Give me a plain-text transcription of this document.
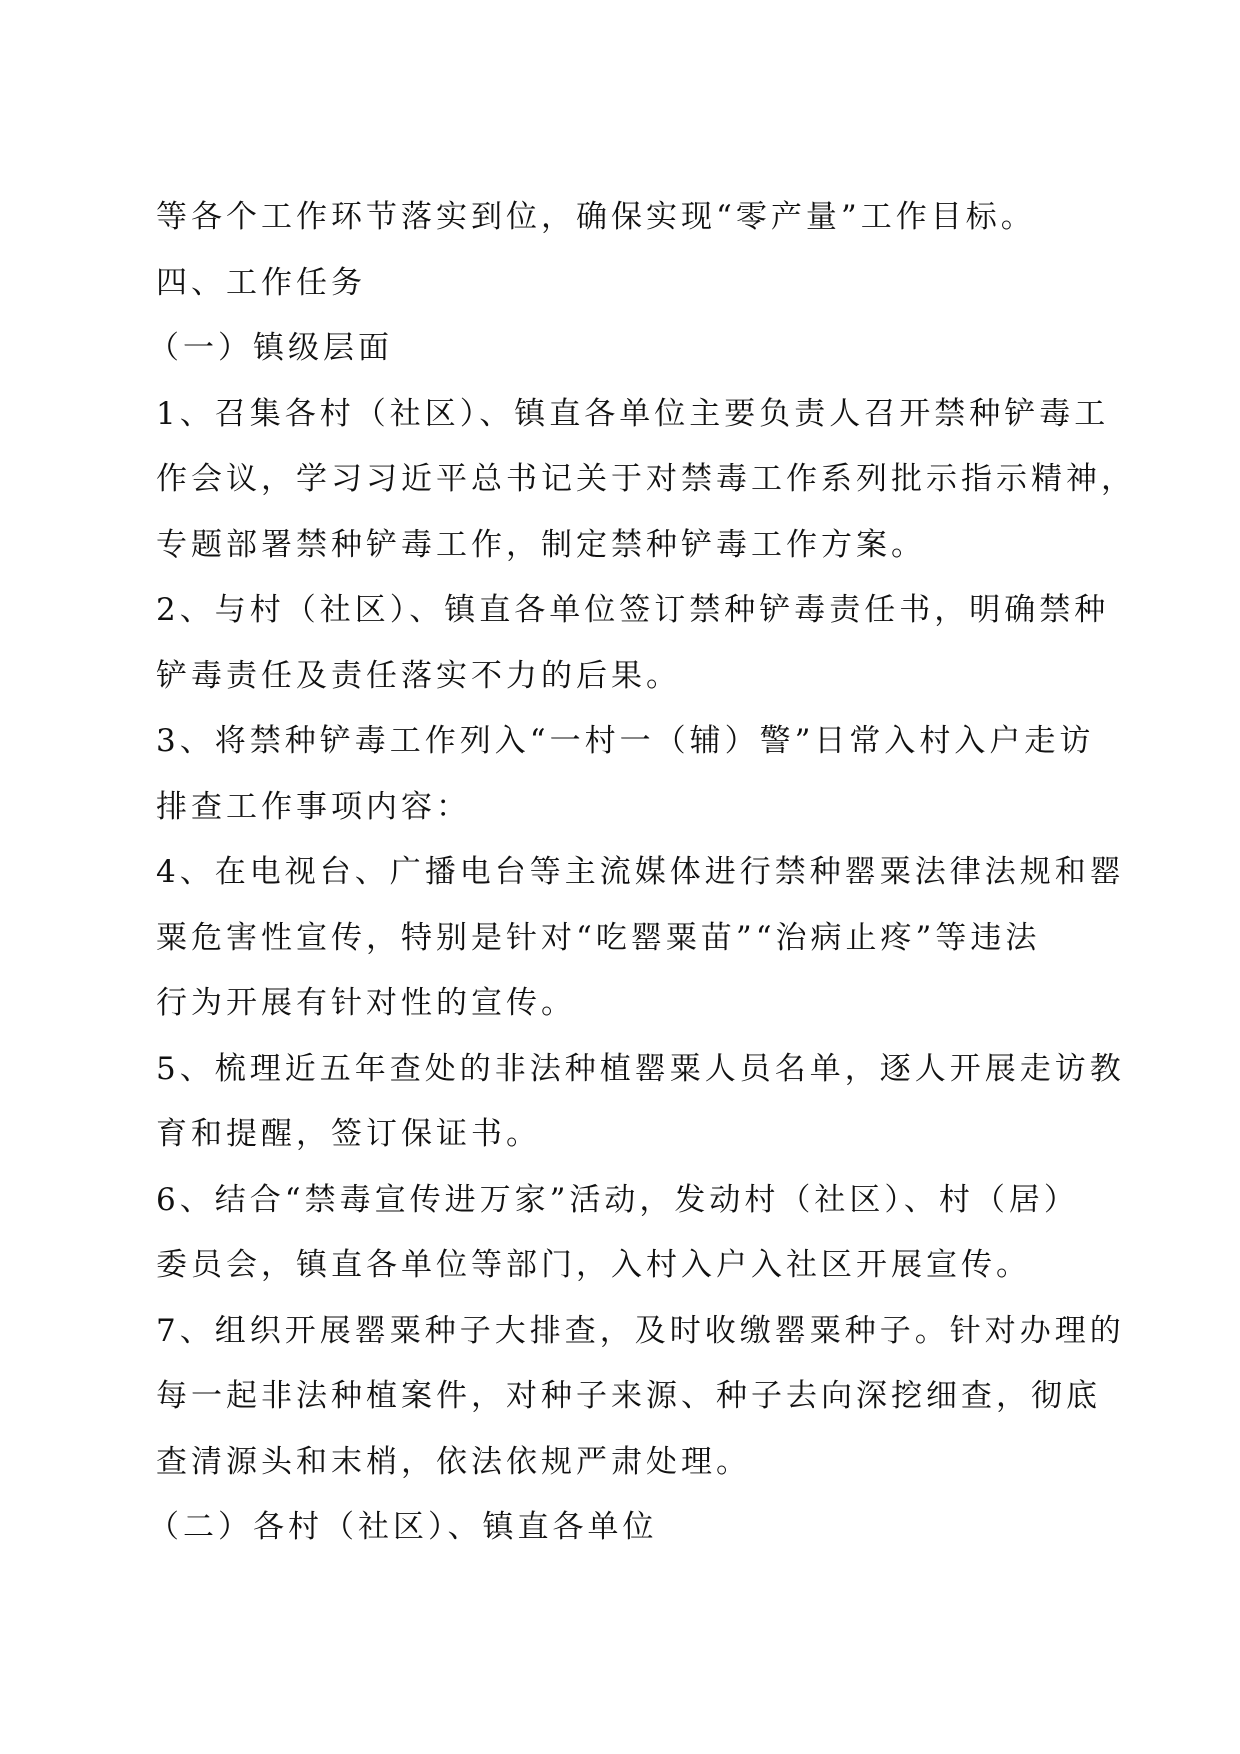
等各个工作环节落实到位，确保实现“零产量”工作目标。
四、工作任务
（一）镇级层面
1、召集各村（社区）、镇直各单位主要负责人召开禁种铲毒工
作会议，学习习近平总书记关于对禁毒工作系列批示指示精神，
专题部署禁种铲毒工作，制定禁种铲毒工作方案。
2、与村（社区）、镇直各单位签订禁种铲毒责任书，明确禁种
铲毒责任及责任落实不力的后果。
3、将禁种铲毒工作列入“一村一（辅）警”日常入村入户走访
排查工作事项内容：
4、在电视台、广播电台等主流媒体进行禁种罂粟法律法规和罂
粟危害性宣传，特别是针对“吃罂粟苗”“治病止疼”等违法
行为开展有针对性的宣传。
5、梳理近五年查处的非法种植罂粟人员名单，逐人开展走访教
育和提醒，签订保证书。
6、结合“禁毒宣传进万家”活动，发动村（社区）、村（居）
委员会，镇直各单位等部门，入村入户入社区开展宣传。
7、组织开展罂粟种子大排查，及时收缴罂粟种子。针对办理的
每一起非法种植案件，对种子来源、种子去向深挖细查，彻底
查清源头和末梢，依法依规严肃处理。
（二）各村（社区）、镇直各单位
